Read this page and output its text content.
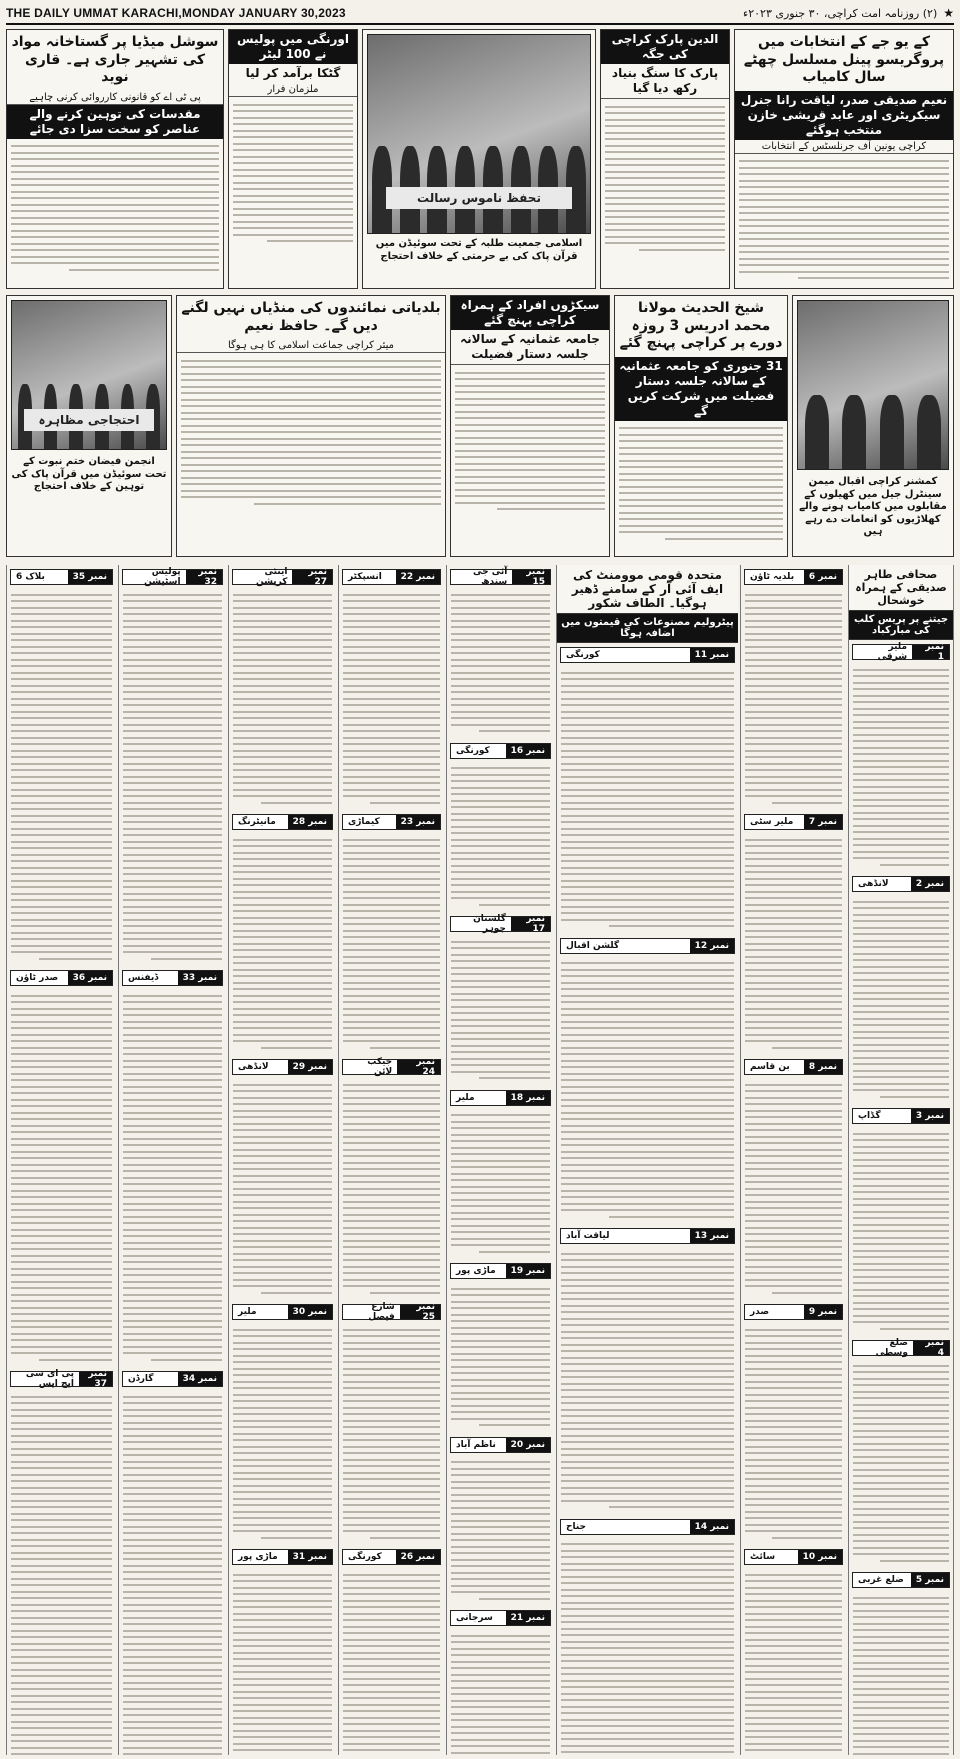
THE DAILY UMMAT KARACHI,MONDAY JANUARY 30,2023	(۲) روزنامہ امت کراچی، ۳۰ جنوری ۲۰۲۳ء ★
سوشل میڈیا پر گستاخانہ مواد کی تشہیر جاری ہے۔ قاری نوید
پی ٹی اے کو قانونی کارروائی کرنی چاہیے
مقدسات کی توہین کرنے والے عناصر کو سخت سزا دی جائے
اورنگی میں پولیس نے 100 لیٹر
گٹکا برآمد کر لیا
ملزمان فرار
تحفظ ناموس رسالت
اسلامی جمعیت طلبہ کے تحت سوئیڈن میں قرآن پاک کی بے حرمتی کے خلاف احتجاج
الدین پارک کراچی کی جگہ
پارک کا سنگ بنیاد رکھ دیا گیا
کے یو جے کے انتخابات میں پروگریسو پینل مسلسل چھٹے سال کامیاب
نعیم صدیقی صدر، لیاقت رانا جنرل سیکریٹری اور عابد قریشی خازن منتخب ہوگئے
کراچی یونین آف جرنلسٹس کے انتخابات
احتجاجی مظاہرہ
انجمن فیضان ختم نبوت کے تحت سوئیڈن میں قرآن پاک کی توہین کے خلاف احتجاج
بلدیاتی نمائندوں کی منڈیاں نہیں لگنے دیں گے۔ حافظ نعیم
میئر کراچی جماعت اسلامی کا ہی ہوگا
سیکڑوں افراد کے ہمراہ کراچی پہنچ گئے
جامعہ عثمانیہ کے سالانہ جلسہ دستار فضیلت
شیخ الحدیث مولانا محمد ادریس 3 روزہ دورے پر کراچی پہنچ گئے
31 جنوری کو جامعہ عثمانیہ کے سالانہ جلسہ دستار فضیلت میں شرکت کریں گے
کمشنر کراچی اقبال میمن سینٹرل جیل میں کھیلوں کے مقابلوں میں کامیاب ہونے والے کھلاڑیوں کو انعامات دے رہے ہیں
نمبر 35
بلاک 6
نمبر 36
صدر ٹاؤن
نمبر 37
پی ای سی ایچ ایس
نمبر 32
پولیس اسٹیشن
نمبر 33
ڈیفنس
نمبر 34
گارڈن
نمبر 27
اینٹی کرپشن
نمبر 28
مانیٹرنگ
نمبر 29
لانڈھی
نمبر 30
ملیر
نمبر 31
ماڑی پور
نمبر 22
انسپکٹر
نمبر 23
کیماڑی
نمبر 24
جیکب لائن
نمبر 25
شارع فیصل
نمبر 26
کورنگی
نمبر 15
آئی جی سندھ
نمبر 16
کورنگی
نمبر 17
گلستان جوہر
نمبر 18
ملیر
نمبر 19
ماڑی پور
نمبر 20
ناظم آباد
نمبر 21
سرجانی
متحدہ قومی موومنٹ کی ایف آئی آر کے سامنے ڈھیر ہوگیا۔ الطاف شکور
پیٹرولیم مصنوعات کی قیمتوں میں اضافہ ہوگا
نمبر 11
کورنگی
نمبر 12
گلشن اقبال
نمبر 13
لیاقت آباد
نمبر 14
جناح
نمبر 6
بلدیہ ٹاؤن
نمبر 7
ملیر سٹی
نمبر 8
بن قاسم
نمبر 9
صدر
نمبر 10
سائٹ
صحافی طاہر صدیقی کے ہمراہ خوشحال
جیتنے پر پریس کلب کی مبارکباد
نمبر 1
ملیر شرقی
نمبر 2
لانڈھی
نمبر 3
گڈاپ
نمبر 4
ضلع وسطی
نمبر 5
ضلع غربی
